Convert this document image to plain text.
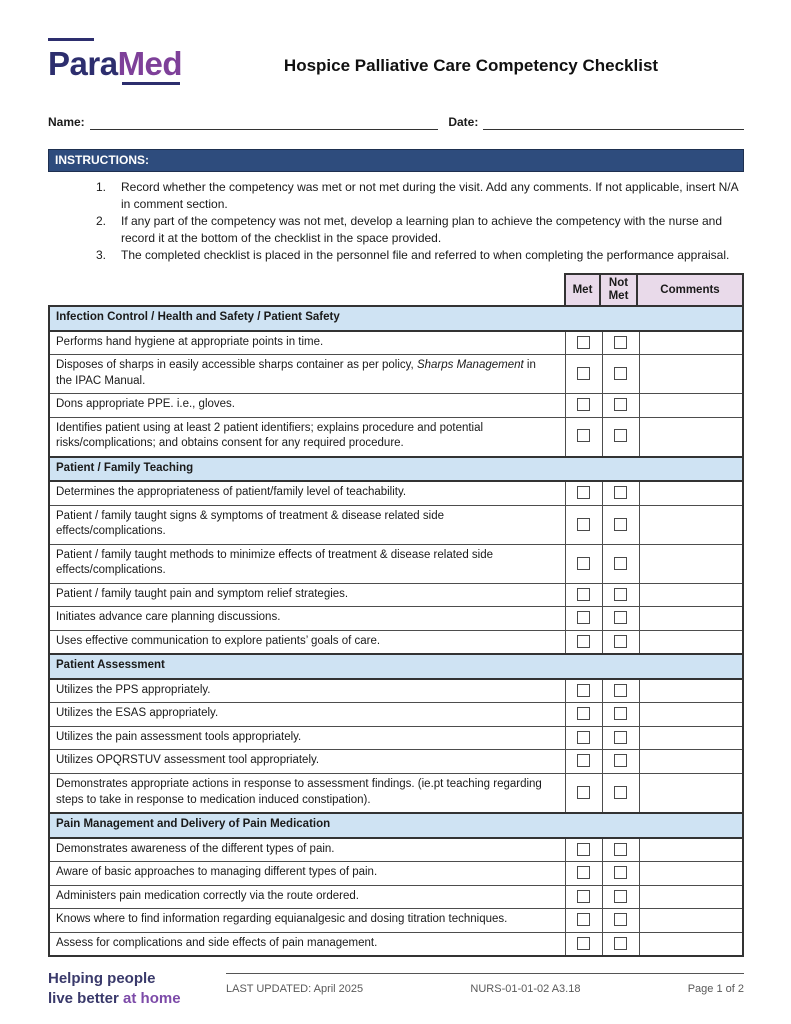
ParaMed	Hospice Palliative Care Competency Checklist
Name:	Date:
INSTRUCTIONS:
1.	Record whether the competency was met or not met during the visit. Add any comments. If not applicable, insert N/A in comment section.
2.	If any part of the competency was not met, develop a learning plan to achieve the competency with the nurse and record it at the bottom of the checklist in the space provided.
3.	The completed checklist is placed in the personnel file and referred to when completing the performance appraisal.
Met
Not Met
Comments
Infection Control / Health and Safety / Patient Safety			
Performs hand hygiene at appropriate points in time.			
Disposes of sharps in easily accessible sharps container as per policy, Sharps Management in the IPAC Manual.			
Dons appropriate PPE. i.e., gloves.			
Identifies patient using at least 2 patient identifiers; explains procedure and potential risks/complications; and obtains consent for any required procedure.			
Patient / Family Teaching			
Determines the appropriateness of patient/family level of teachability.			
Patient / family taught signs & symptoms of treatment & disease related side effects/complications.			
Patient / family taught methods to minimize effects of treatment & disease related side effects/complications.			
Patient / family taught pain and symptom relief strategies.			
Initiates advance care planning discussions.			
Uses effective communication to explore patients’ goals of care.			
Patient Assessment			
Utilizes the PPS appropriately.			
Utilizes the ESAS appropriately.			
Utilizes the pain assessment tools appropriately.			
Utilizes OPQRSTUV assessment tool appropriately.			
Demonstrates appropriate actions in response to assessment findings. (ie.pt teaching regarding steps to take in response to medication induced constipation).			
Pain Management and Delivery of Pain Medication			
Demonstrates awareness of the different types of pain.			
Aware of basic approaches to managing different types of pain.			
Administers pain medication correctly via the route ordered.			
Knows where to find information regarding equianalgesic and dosing titration techniques.			
Assess for complications and side effects of pain management.			
Helping people
live better at home
LAST UPDATED: April 2025	NURS-01-01-02 A3.18	Page 1 of 2
